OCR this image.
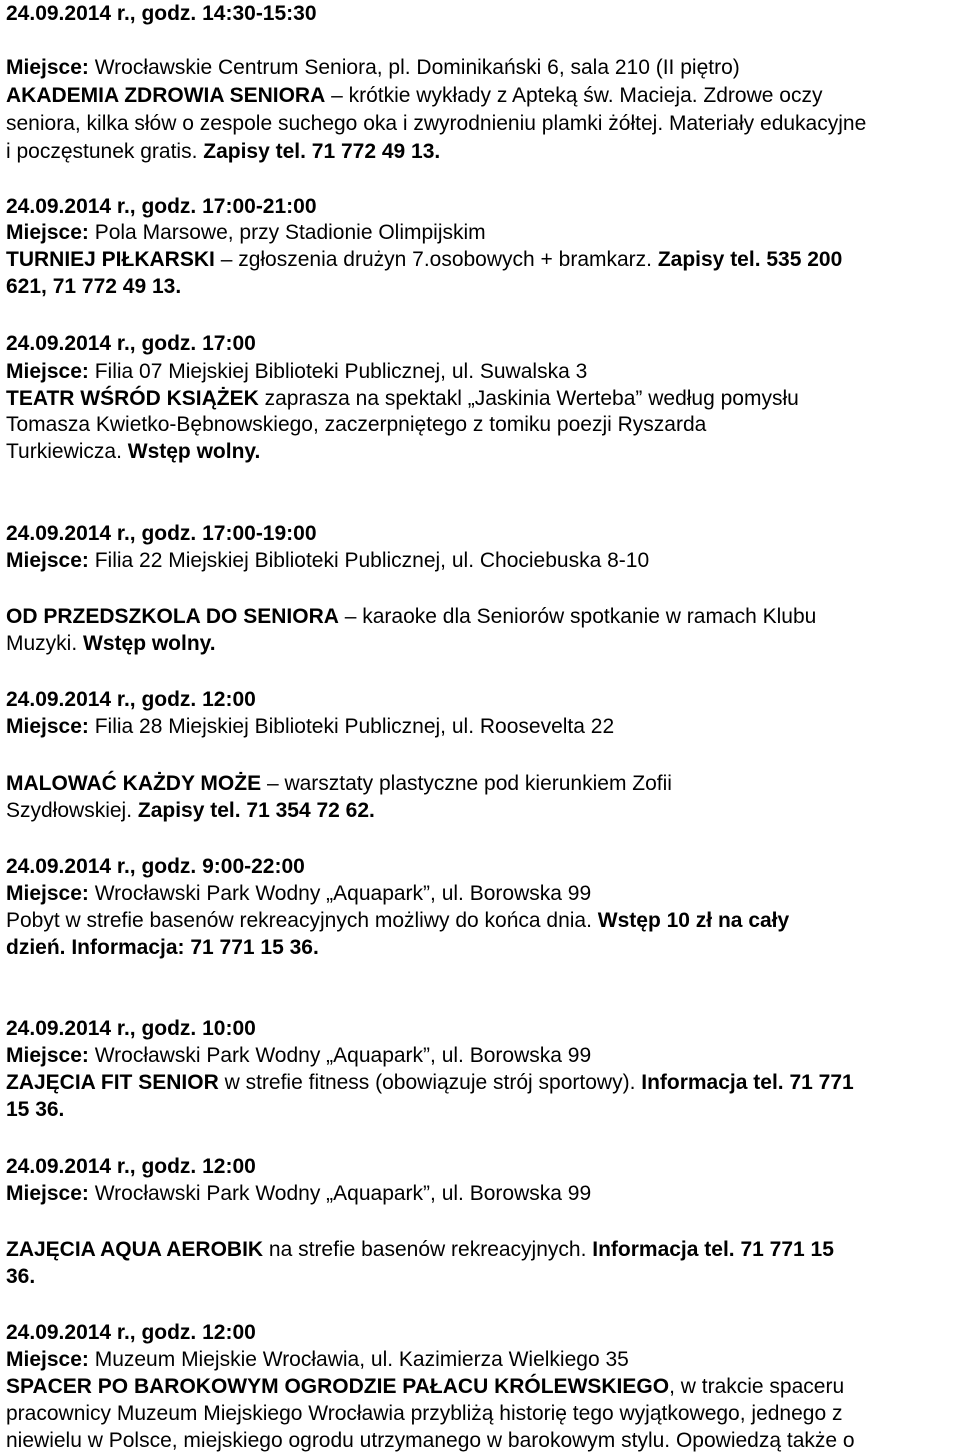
24.09.2014 r., godz. 14:30-15:30
Miejsce: Wrocławskie Centrum Seniora, pl. Dominikański 6, sala 210 (II piętro)
AKADEMIA ZDROWIA SENIORA – krótkie wykłady z Apteką św. Macieja. Zdrowe oczy
seniora, kilka słów o zespole suchego oka i zwyrodnieniu plamki żółtej. Materiały edukacyjne
i poczęstunek gratis. Zapisy tel. 71 772 49 13.
24.09.2014 r., godz. 17:00-21:00
Miejsce: Pola Marsowe, przy Stadionie Olimpijskim
TURNIEJ PIŁKARSKI – zgłoszenia drużyn 7.osobowych + bramkarz. Zapisy tel. 535 200
621, 71 772 49 13.
24.09.2014 r., godz. 17:00
Miejsce: Filia 07 Miejskiej Biblioteki Publicznej, ul. Suwalska 3
TEATR WŚRÓD KSIĄŻEK zaprasza na spektakl „Jaskinia Werteba” według pomysłu
Tomasza Kwietko-Bębnowskiego, zaczerpniętego z tomiku poezji Ryszarda
Turkiewicza. Wstęp wolny.
24.09.2014 r., godz. 17:00-19:00
Miejsce: Filia 22 Miejskiej Biblioteki Publicznej, ul. Chociebuska 8-10
OD PRZEDSZKOLA DO SENIORA – karaoke dla Seniorów spotkanie w ramach Klubu
Muzyki. Wstęp wolny.
24.09.2014 r., godz. 12:00
Miejsce: Filia 28 Miejskiej Biblioteki Publicznej, ul. Roosevelta 22
MALOWAĆ KAŻDY MOŻE – warsztaty plastyczne pod kierunkiem Zofii
Szydłowskiej. Zapisy tel. 71 354 72 62.
24.09.2014 r., godz. 9:00-22:00
Miejsce: Wrocławski Park Wodny „Aquapark”, ul. Borowska 99
Pobyt w strefie basenów rekreacyjnych możliwy do końca dnia. Wstęp 10 zł na cały
dzień. Informacja: 71 771 15 36.
24.09.2014 r., godz. 10:00
Miejsce: Wrocławski Park Wodny „Aquapark”, ul. Borowska 99
ZAJĘCIA FIT SENIOR w strefie fitness (obowiązuje strój sportowy). Informacja tel. 71 771
15 36.
24.09.2014 r., godz. 12:00
Miejsce: Wrocławski Park Wodny „Aquapark”, ul. Borowska 99
ZAJĘCIA AQUA AEROBIK na strefie basenów rekreacyjnych. Informacja tel. 71 771 15
36.
24.09.2014 r., godz. 12:00
Miejsce: Muzeum Miejskie Wrocławia, ul. Kazimierza Wielkiego 35
SPACER PO BAROKOWYM OGRODZIE PAŁACU KRÓLEWSKIEGO, w trakcie spaceru
pracownicy Muzeum Miejskiego Wrocławia przybliżą historię tego wyjątkowego, jednego z
niewielu w Polsce, miejskiego ogrodu utrzymanego w barokowym stylu. Opowiedzą także o
